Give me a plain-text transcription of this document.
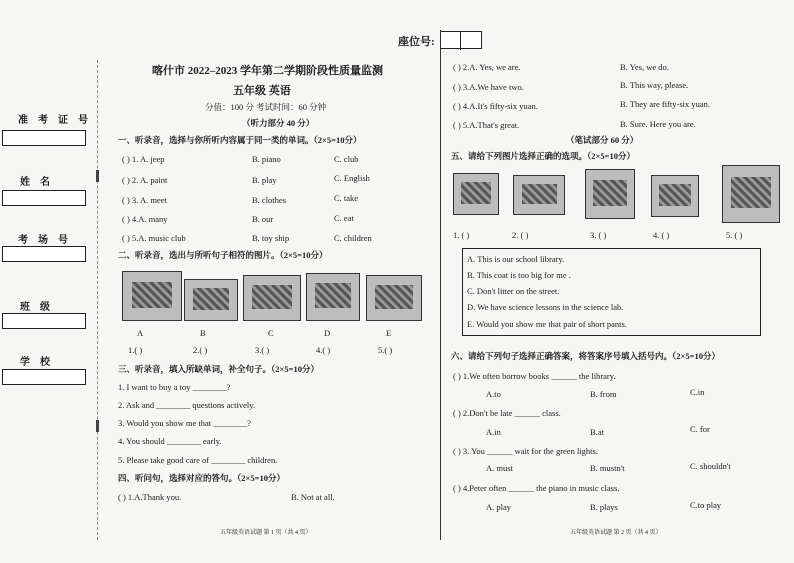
座位号:
准考证号
姓名
考场号
班级
学校
喀什市 2022–2023 学年第二学期阶段性质量监测
五年级 英语
分值：100 分 考试时间：60 分钟
（听力部分 40 分）
一、听录音，选择与你所听内容属于同一类的单词。（2×5=10分）
( ) 1. A. jeep	B. piano	C. club
( ) 2. A. paint	B. play	C. English
( ) 3. A. meet	B. clothes	C. take
( ) 4.A. many	B. our	C. eat
( ) 5.A. music club	B. toy ship	C. children
二、听录音，选出与所听句子相符的图片。（2×5=10分）
A	B	C	D	E
1.( )	2.( )	3.( )	4.( )	5.( )
三、听录音，填入所缺单词，补全句子。（2×5=10分）
1. I want to buy a toy ________?
2. Ask and ________ questions actively.
3. Would you show me that ________?
4. You should ________ early.
5. Please take good care of ________ children.
四、听问句，选择对应的答句。（2×5=10分）
( ) 1.A.Thank you.	B. Not at all.
五年级英语试题 第 1 页（共 4 页）
( ) 2.A. Yes, we are.	B. Yes, we do.
( ) 3.A.We have two.	B. This way, please.
( ) 4.A.It's fifty-six yuan.	B. They are fifty-six yuan.
( ) 5.A.That's great.	B. Sure. Here you are.
（笔试部分 60 分）
五、请给下列图片选择正确的选项。（2×5=10分）
1. ( )	2. ( )	3. ( )	4. ( )	5. ( )
A. This is our school library.
B. This coat is too big for me .
C. Don't litter on the street.
D. We have science lessons in the science lab.
E. Would you show me that pair of short pants.
六、请给下列句子选择正确答案，将答案序号填入括号内。（2×5=10分）
( ) 1.We often borrow books ______ the library.
A.to	B. from	C.in
( ) 2.Don't be late ______ class.
A.in	B.at	C. for
( ) 3. You ______ wait for the green lights.
A. must	B. mustn't	C. shouldn't
( ) 4.Peter often ______ the piano in music class.
A. play	B. plays	C.to play
五年级英语试题 第 2 页（共 4 页）
